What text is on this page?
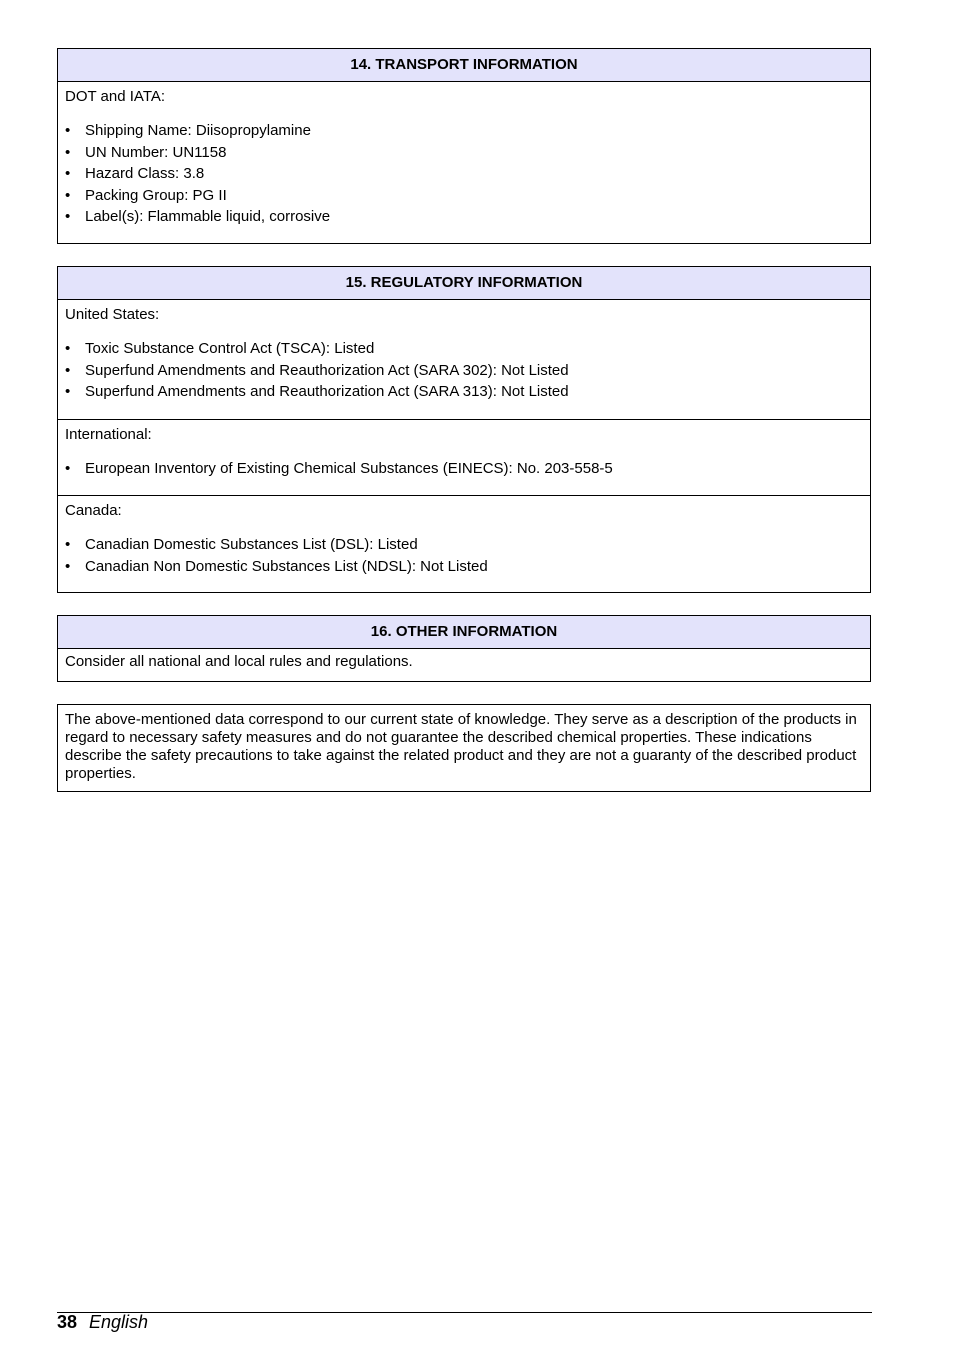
14. TRANSPORT INFORMATION
DOT and IATA:
• Shipping Name: Diisopropylamine
• UN Number: UN1158
• Hazard Class: 3.8
• Packing Group: PG II
• Label(s): Flammable liquid, corrosive
15. REGULATORY INFORMATION
United States:
• Toxic Substance Control Act (TSCA): Listed
• Superfund Amendments and Reauthorization Act (SARA 302): Not Listed
• Superfund Amendments and Reauthorization Act (SARA 313): Not Listed
International:
• European Inventory of Existing Chemical Substances (EINECS): No. 203-558-5
Canada:
• Canadian Domestic Substances List (DSL): Listed
• Canadian Non Domestic Substances List (NDSL): Not Listed
16. OTHER INFORMATION
Consider all national and local rules and regulations.
The above-mentioned data correspond to our current state of knowledge. They serve as a description of the products in regard to necessary safety measures and do not guarantee the described chemical properties. These indications describe the safety precautions to take against the related product and they are not a guaranty of the described product properties.
38 English
